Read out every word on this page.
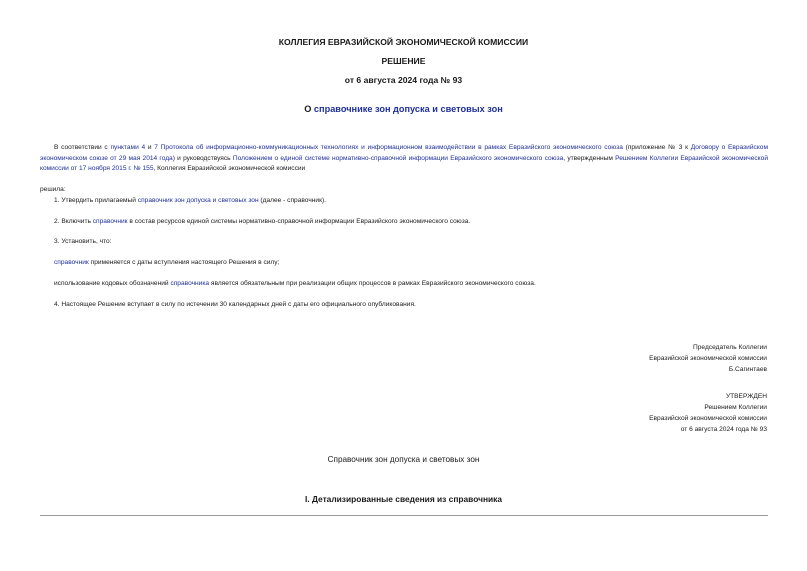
КОЛЛЕГИЯ ЕВРАЗИЙСКОЙ ЭКОНОМИЧЕСКОЙ КОМИССИИ
РЕШЕНИЕ
от 6 августа 2024 года № 93
О справочнике зон допуска и световых зон
В соответствии с пунктами 4 и 7 Протокола об информационно-коммуникационных технологиях и информационном взаимодействии в рамках Евразийского экономического союза (приложение № 3 к Договору о Евразийском экономическом союзе от 29 мая 2014 года) и руководствуясь Положением о единой системе нормативно-справочной информации Евразийского экономического союза, утвержденным Решением Коллегии Евразийской экономической комиссии от 17 ноября 2015 г. № 155, Коллегия Евразийской экономической комиссии
решила:
1. Утвердить прилагаемый справочник зон допуска и световых зон (далее - справочник).
2. Включить справочник в состав ресурсов единой системы нормативно-справочной информации Евразийского экономического союза.
3. Установить, что:
справочник применяется с даты вступления настоящего Решения в силу;
использование кодовых обозначений справочника является обязательным при реализации общих процессов в рамках Евразийского экономического союза.
4. Настоящее Решение вступает в силу по истечении 30 календарных дней с даты его официального опубликования.
Председатель Коллегии
Евразийской экономической комиссии
Б.Сагинтаев
УТВЕРЖДЕН
Решением Коллегии
Евразийской экономической комиссии
от 6 августа 2024 года № 93
Справочник зон допуска и световых зон
I. Детализированные сведения из справочника
